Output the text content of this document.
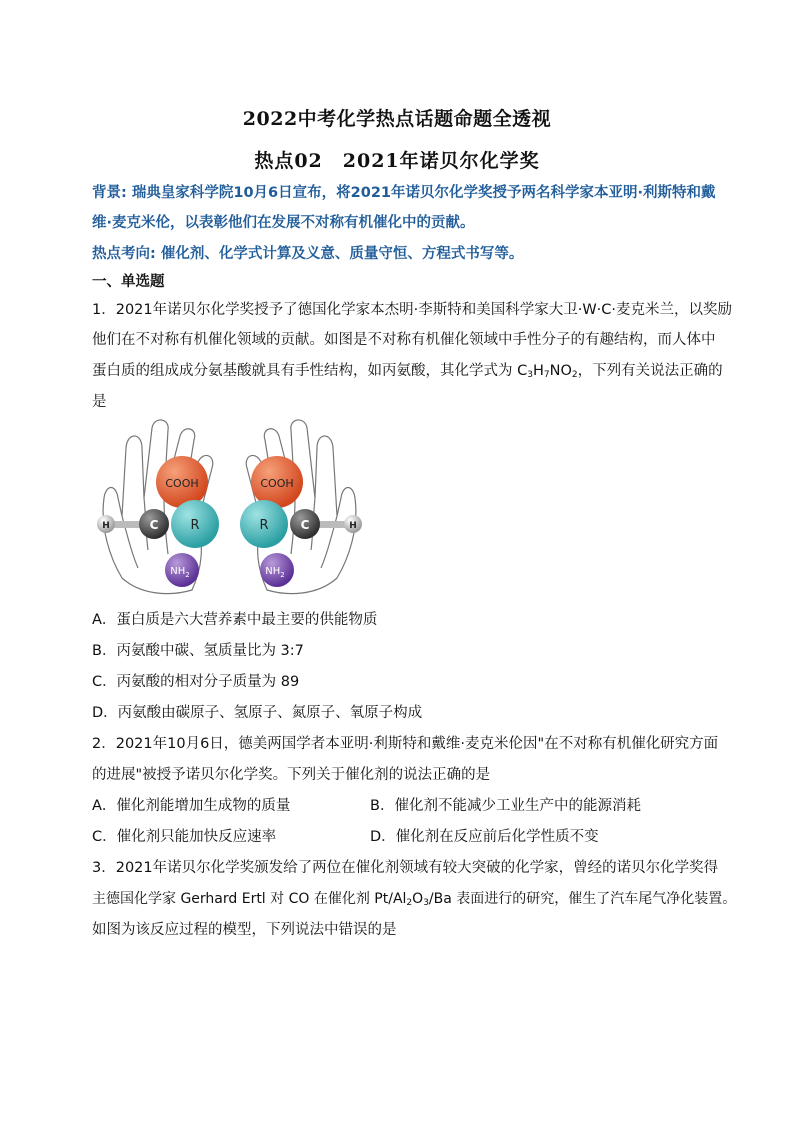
2022中考化学热点话题命题全透视
热点02　2021年诺贝尔化学奖
背景: 瑞典皇家科学院10月6日宣布，将2021年诺贝尔化学奖授予两名科学家本亚明·利斯特和戴
维·麦克米伦，以表彰他们在发展不对称有机催化中的贡献。
热点考向: 催化剂、化学式计算及义意、质量守恒、方程式书写等。
一、单选题
1．2021年诺贝尔化学奖授予了德国化学家本杰明·李斯特和美国科学家大卫·W·C·麦克米兰，以奖励
他们在不对称有机催化领域的贡献。如图是不对称有机催化领域中手性分子的有趣结构，而人体中
蛋白质的组成成分氨基酸就具有手性结构，如丙氨酸，其化学式为 $C_3H_7NO_2$，下列有关说法正确的
是
H
COOH
$NH_2$
C R	H
COOH
$NH_2$
R	C
A．蛋白质是六大营养素中最主要的供能物质
B．丙氨酸中碳、氢质量比为 3:7
C．丙氨酸的相对分子质量为 89
D．丙氨酸由碳原子、氢原子、氮原子、氧原子构成
2．2021年10月6日，德美两国学者本亚明·利斯特和戴维·麦克米伦因"在不对称有机催化研究方面
的进展"被授予诺贝尔化学奖。下列关于催化剂的说法正确的是
A．催化剂能增加生成物的质量	B．催化剂不能减少工业生产中的能源消耗
C．催化剂只能加快反应速率	D．催化剂在反应前后化学性质不变
3．2021年诺贝尔化学奖颁发给了两位在催化剂领域有较大突破的化学家，曾经的诺贝尔化学奖得
主德国化学家 Gerhard Ertl 对 CO 在催化剂 $Pt/Al_2O_3/Ba$ 表面进行的研究，催生了汽车尾气净化装置。
如图为该反应过程的模型，下列说法中错误的是
